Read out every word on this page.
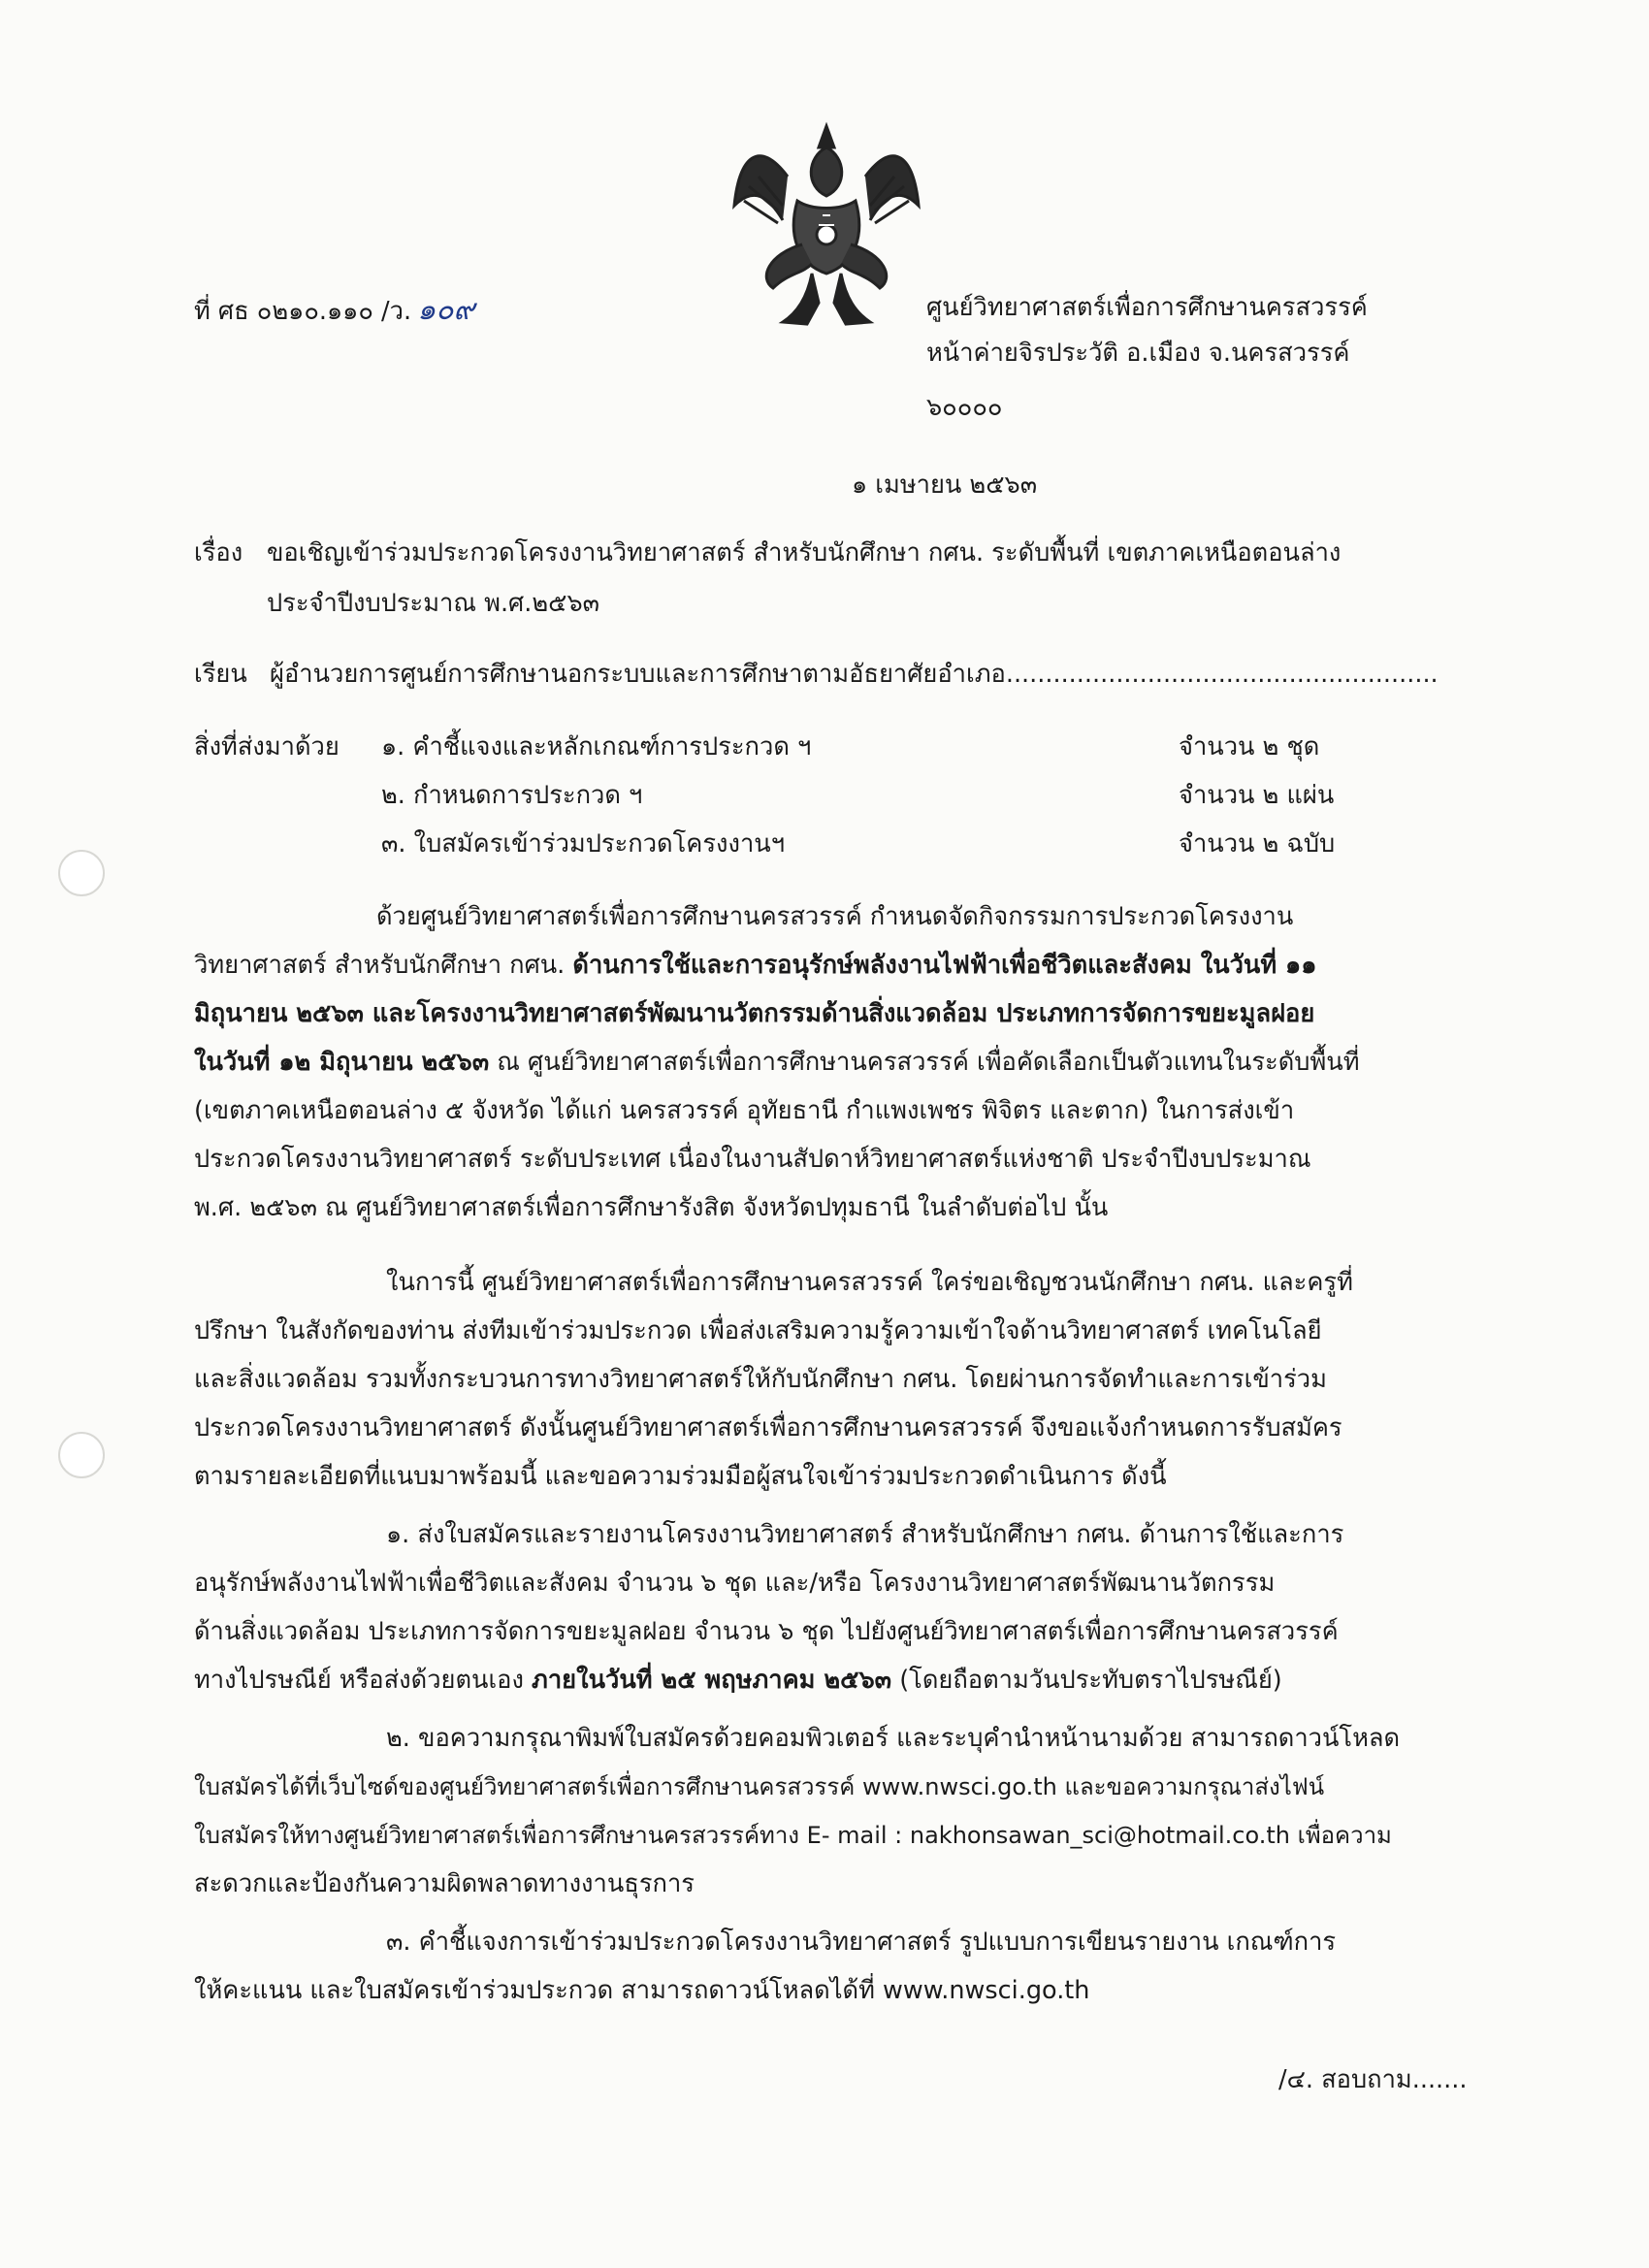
ที่ ศธ ๐๒๑๐.๑๑๐ /ว. ๑๐๙	ศูนย์วิทยาศาสตร์เพื่อการศึกษานครสวรรค์
หน้าค่ายจิรประวัติ อ.เมือง จ.นครสวรรค์
๖๐๐๐๐
๑ เมษายน ๒๕๖๓
เรื่อง ขอเชิญเข้าร่วมประกวดโครงงานวิทยาศาสตร์ สำหรับนักศึกษา กศน. ระดับพื้นที่ เขตภาคเหนือตอนล่าง
ประจำปีงบประมาณ พ.ศ.๒๕๖๓
เรียน ผู้อำนวยการศูนย์การศึกษานอกระบบและการศึกษาตามอัธยาศัยอำเภอ.......................................................
สิ่งที่ส่งมาด้วย ๑. คำชี้แจงและหลักเกณฑ์การประกวด ฯ	จำนวน ๒ ชุด
๒. กำหนดการประกวด ฯ	จำนวน ๒ แผ่น
๓. ใบสมัครเข้าร่วมประกวดโครงงานฯ	จำนวน ๒ ฉบับ
ด้วยศูนย์วิทยาศาสตร์เพื่อการศึกษานครสวรรค์ กำหนดจัดกิจกรรมการประกวดโครงงาน
วิทยาศาสตร์ สำหรับนักศึกษา กศน. ด้านการใช้และการอนุรักษ์พลังงานไฟฟ้าเพื่อชีวิตและสังคม ในวันที่ ๑๑
มิถุนายน ๒๕๖๓ และโครงงานวิทยาศาสตร์พัฒนานวัตกรรมด้านสิ่งแวดล้อม ประเภทการจัดการขยะมูลฝอย
ในวันที่ ๑๒ มิถุนายน ๒๕๖๓ ณ ศูนย์วิทยาศาสตร์เพื่อการศึกษานครสวรรค์ เพื่อคัดเลือกเป็นตัวแทนในระดับพื้นที่
(เขตภาคเหนือตอนล่าง ๕ จังหวัด ได้แก่ นครสวรรค์ อุทัยธานี กำแพงเพชร พิจิตร และตาก) ในการส่งเข้า
ประกวดโครงงานวิทยาศาสตร์ ระดับประเทศ เนื่องในงานสัปดาห์วิทยาศาสตร์แห่งชาติ ประจำปีงบประมาณ
พ.ศ. ๒๕๖๓ ณ ศูนย์วิทยาศาสตร์เพื่อการศึกษารังสิต จังหวัดปทุมธานี ในลำดับต่อไป นั้น
ในการนี้ ศูนย์วิทยาศาสตร์เพื่อการศึกษานครสวรรค์ ใคร่ขอเชิญชวนนักศึกษา กศน. และครูที่
ปรึกษา ในสังกัดของท่าน ส่งทีมเข้าร่วมประกวด เพื่อส่งเสริมความรู้ความเข้าใจด้านวิทยาศาสตร์ เทคโนโลยี
และสิ่งแวดล้อม รวมทั้งกระบวนการทางวิทยาศาสตร์ให้กับนักศึกษา กศน. โดยผ่านการจัดทำและการเข้าร่วม
ประกวดโครงงานวิทยาศาสตร์ ดังนั้นศูนย์วิทยาศาสตร์เพื่อการศึกษานครสวรรค์ จึงขอแจ้งกำหนดการรับสมัคร
ตามรายละเอียดที่แนบมาพร้อมนี้ และขอความร่วมมือผู้สนใจเข้าร่วมประกวดดำเนินการ ดังนี้
๑. ส่งใบสมัครและรายงานโครงงานวิทยาศาสตร์ สำหรับนักศึกษา กศน. ด้านการใช้และการ
อนุรักษ์พลังงานไฟฟ้าเพื่อชีวิตและสังคม จำนวน ๖ ชุด และ/หรือ โครงงานวิทยาศาสตร์พัฒนานวัตกรรม
ด้านสิ่งแวดล้อม ประเภทการจัดการขยะมูลฝอย จำนวน ๖ ชุด ไปยังศูนย์วิทยาศาสตร์เพื่อการศึกษานครสวรรค์
ทางไปรษณีย์ หรือส่งด้วยตนเอง ภายในวันที่ ๒๕ พฤษภาคม ๒๕๖๓ (โดยถือตามวันประทับตราไปรษณีย์)
๒. ขอความกรุณาพิมพ์ใบสมัครด้วยคอมพิวเตอร์ และระบุคำนำหน้านามด้วย สามารถดาวน์โหลด
ใบสมัครได้ที่เว็บไซด์ของศูนย์วิทยาศาสตร์เพื่อการศึกษานครสวรรค์ www.nwsci.go.th และขอความกรุณาส่งไฟน์
ใบสมัครให้ทางศูนย์วิทยาศาสตร์เพื่อการศึกษานครสวรรค์ทาง E- mail : nakhonsawan_sci@hotmail.co.th เพื่อความ
สะดวกและป้องกันความผิดพลาดทางงานธุรการ
๓. คำชี้แจงการเข้าร่วมประกวดโครงงานวิทยาศาสตร์ รูปแบบการเขียนรายงาน เกณฑ์การ
ให้คะแนน และใบสมัครเข้าร่วมประกวด สามารถดาวน์โหลดได้ที่ www.nwsci.go.th
/๔. สอบถาม.......
